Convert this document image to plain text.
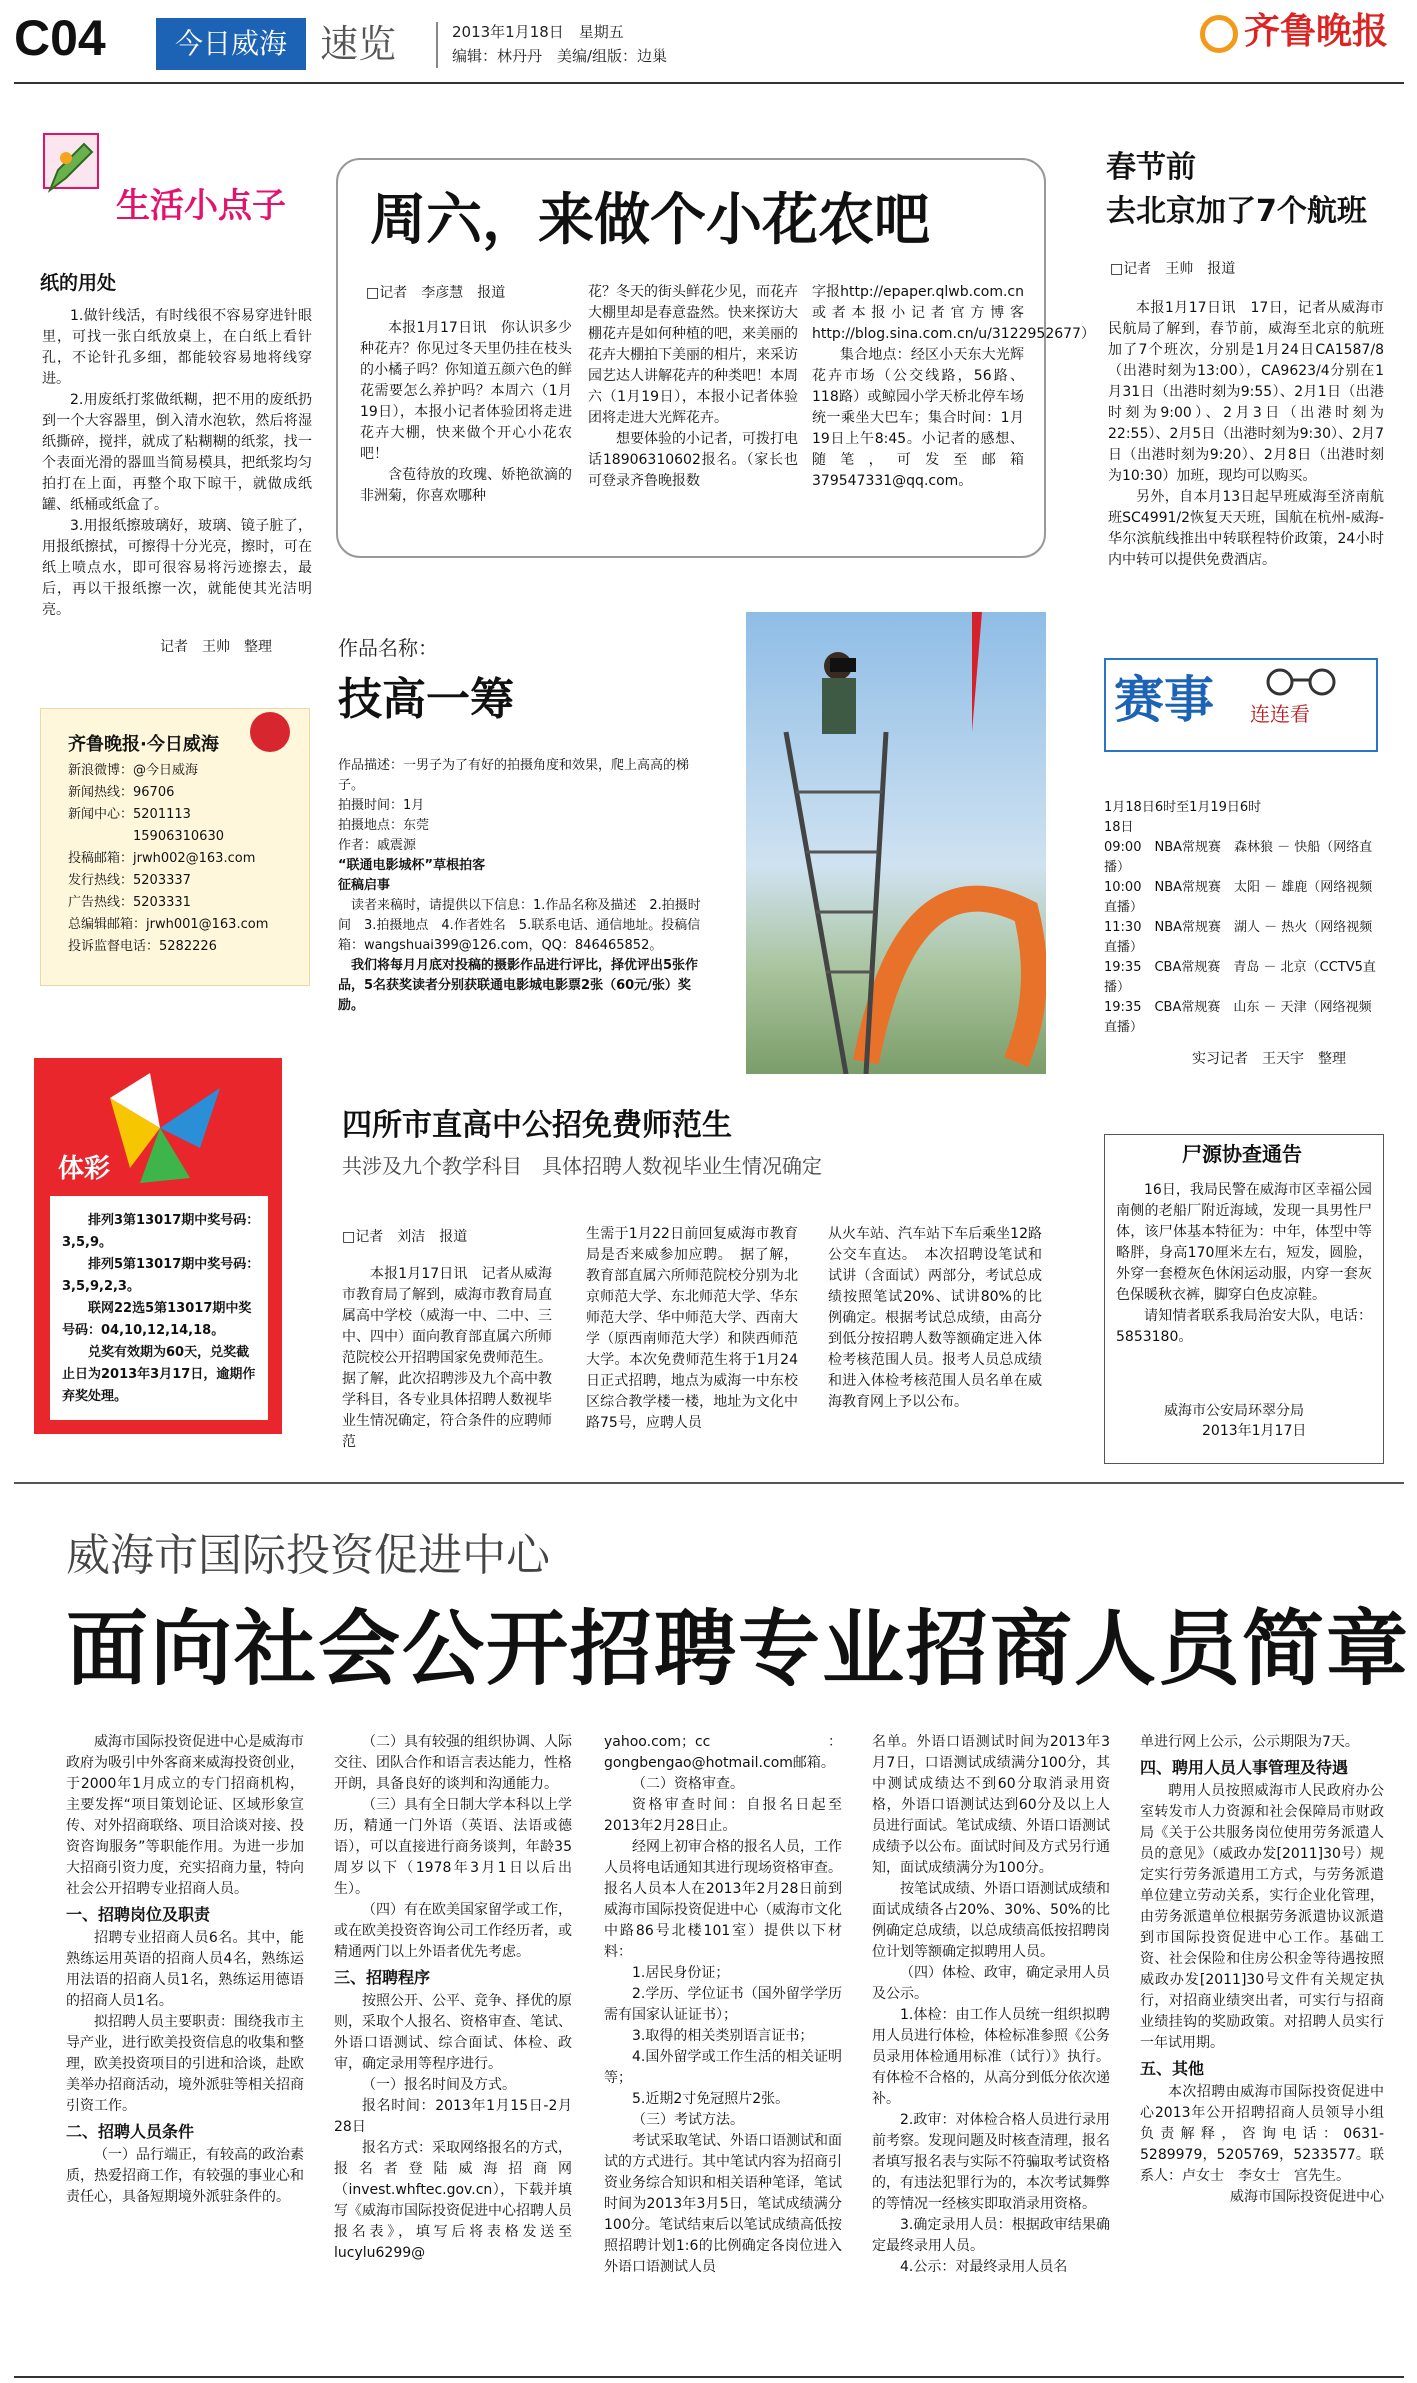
C04	今日威海 速览	2013年1月18日　星期五
编辑：林丹丹　美编/组版：边巢
齐鲁晚报
生活小点子
纸的用处

1.做针线活，有时线很不容易穿进针眼里，可找一张白纸放桌上，在白纸上看针孔，不论针孔多细，都能较容易地将线穿进。

2.用废纸打浆做纸糊，把不用的废纸扔到一个大容器里，倒入清水泡软，然后将湿纸撕碎，搅拌，就成了粘糊糊的纸浆，找一个表面光滑的器皿当简易模具，把纸浆均匀拍打在上面，再整个取下晾干，就做成纸罐、纸桶或纸盒了。

3.用报纸擦玻璃好，玻璃、镜子脏了，用报纸擦拭，可擦得十分光亮，擦时，可在纸上喷点水，即可很容易将污迹擦去，最后，再以干报纸擦一次，就能使其光洁明亮。

记者　王帅　整理
周六，来做个小花农吧
□记者　李彦慧　报道

本报1月17日讯　你认识多少种花卉？你见过冬天里仍挂在枝头的小橘子吗？你知道五颜六色的鲜花需要怎么养护吗？本周六（1月19日），本报小记者体验团将走进花卉大棚，快来做个开心小花农吧！

含苞待放的玫瑰、娇艳欲滴的非洲菊，你喜欢哪种

花？冬天的街头鲜花少见，而花卉大棚里却是春意盎然。快来探访大棚花卉是如何种植的吧，来美丽的花卉大棚拍下美丽的相片，来采访园艺达人讲解花卉的种类吧！本周六（1月19日），本报小记者体验团将走进大光辉花卉。

想要体验的小记者，可拨打电话18906310602报名。（家长也可登录齐鲁晚报数

字报http://epaper.qlwb.com.cn或者本报小记者官方博客http://blog.sina.com.cn/u/3122952677）

集合地点：经区小天东大光辉花卉市场（公交线路，56路、118路）或鲸园小学天桥北停车场统一乘坐大巴车；集合时间：1月19日上午8:45。小记者的感想、随笔，可发至邮箱379547331@qq.com。

春节前
去北京加了7个航班
□记者　王帅　报道

本报1月17日讯　17日，记者从威海市民航局了解到，春节前，威海至北京的航班加了7个班次，分别是1月24日CA1587/8（出港时刻为13:00），CA9623/4分别在1月31日（出港时刻为9:55）、2月1日（出港时刻为9:00）、2月3日（出港时刻为22:55）、2月5日（出港时刻为9:30）、2月7日（出港时刻为9:20）、2月8日（出港时刻为10:30）加班，现均可以购买。

另外，自本月13日起早班威海至济南航班SC4991/2恢复天天班，国航在杭州-威海-华尔滨航线推出中转联程特价政策，24小时内中转可以提供免费酒店。

齐鲁晚报·今日威海
新浪微博：@今日威海
新闻热线：96706
新闻中心：5201113
　　　　　15906310630
投稿邮箱：jrwh002@163.com
发行热线：5203337
广告热线：5203331
总编辑邮箱：jrwh001@163.com
投诉监督电话：5282226
作品名称：
技高一筹
作品描述：一男子为了有好的拍摄角度和效果，爬上高高的梯子。
拍摄时间：1月
拍摄地点：东莞
作者：戚震源
“联通电影城杯”草根拍客
征稿启事
　读者来稿时，请提供以下信息：1.作品名称及描述　2.拍摄时间　3.拍摄地点　4.作者姓名　5.联系电话、通信地址。投稿信箱：wangshuai399@126.com，QQ：846465852。
　我们将每月月底对投稿的摄影作品进行评比，择优评出5张作品，5名获奖读者分别获联通电影城电影票2张（60元/张）奖励。
赛事 连连看
1月18日6时至1月19日6时
18日
09:00　NBA常规赛　森林狼 － 快船（网络直播）
10:00　NBA常规赛　太阳 － 雄鹿（网络视频直播）
11:30　NBA常规赛　湖人 － 热火（网络视频直播）
19:35　CBA常规赛　青岛 － 北京（CCTV5直播）
19:35　CBA常规赛　山东 － 天津（网络视频直播）
实习记者　王天宇　整理
体彩
排列3第13017期中奖号码：3,5,9。
排列5第13017期中奖号码：3,5,9,2,3。
联网22选5第13017期中奖号码：04,10,12,14,18。
兑奖有效期为60天，兑奖截止日为2013年3月17日，逾期作弃奖处理。
四所市直高中公招免费师范生
共涉及九个教学科目　具体招聘人数视毕业生情况确定
□记者　刘洁　报道

本报1月17日讯　记者从威海市教育局了解到，威海市教育局直属高中学校（威海一中、二中、三中、四中）面向教育部直属六所师范院校公开招聘国家免费师范生。据了解，此次招聘涉及九个高中教学科目，各专业具体招聘人数视毕业生情况确定，符合条件的应聘师范

生需于1月22日前回复威海市教育局是否来威参加应聘。　据了解，教育部直属六所师范院校分别为北京师范大学、东北师范大学、华东师范大学、华中师范大学、西南大学（原西南师范大学）和陕西师范大学。本次免费师范生将于1月24日正式招聘，地点为威海一中东校区综合教学楼一楼，地址为文化中路75号，应聘人员

从火车站、汽车站下车后乘坐12路公交车直达。　本次招聘设笔试和试讲（含面试）两部分，考试总成绩按照笔试20%、试讲80%的比例确定。根据考试总成绩，由高分到低分按招聘人数等额确定进入体检考核范围人员。报考人员总成绩和进入体检考核范围人员名单在威海教育网上予以公布。

尸源协查通告

16日，我局民警在威海市区幸福公园南侧的老船厂附近海域，发现一具男性尸体，该尸体基本特征为：中年，体型中等略胖，身高170厘米左右，短发，圆脸，外穿一套橙灰色休闲运动服，内穿一套灰色保暖秋衣裤，脚穿白色皮凉鞋。

请知情者联系我局治安大队，电话：5853180。

威海市公安局环翠分局
2013年1月17日
威海市国际投资促进中心
面向社会公开招聘专业招商人员简章

威海市国际投资促进中心是威海市政府为吸引中外客商来威海投资创业，于2000年1月成立的专门招商机构，主要发挥“项目策划论证、区域形象宣传、对外招商联络、项目洽谈对接、投资咨询服务”等职能作用。为进一步加大招商引资力度，充实招商力量，特向社会公开招聘专业招商人员。

一、招聘岗位及职责

招聘专业招商人员6名。其中，能熟练运用英语的招商人员4名，熟练运用法语的招商人员1名，熟练运用德语的招商人员1名。

拟招聘人员主要职责：围绕我市主导产业，进行欧美投资信息的收集和整理，欧美投资项目的引进和洽谈，赴欧美举办招商活动，境外派驻等相关招商引资工作。

二、招聘人员条件

（一）品行端正，有较高的政治素质，热爱招商工作，有较强的事业心和责任心，具备短期境外派驻条件的。

（二）具有较强的组织协调、人际交往、团队合作和语言表达能力，性格开朗，具备良好的谈判和沟通能力。

（三）具有全日制大学本科以上学历，精通一门外语（英语、法语或德语），可以直接进行商务谈判，年龄35周岁以下（1978年3月1日以后出生）。

（四）有在欧美国家留学或工作，或在欧美投资咨询公司工作经历者，或精通两门以上外语者优先考虑。

三、招聘程序

按照公开、公平、竞争、择优的原则，采取个人报名、资格审查、笔试、外语口语测试、综合面试、体检、政审，确定录用等程序进行。

（一）报名时间及方式。

报名时间：2013年1月15日-2月28日

报名方式：采取网络报名的方式，报名者登陆威海招商网（invest.whftec.gov.cn），下载并填写《威海市国际投资促进中心招聘人员报名表》，填写后将表格发送至lucylu6299@

yahoo.com；cc：gongbengao@hotmail.com邮箱。

（二）资格审查。

资格审查时间：自报名日起至2013年2月28日止。

经网上初审合格的报名人员，工作人员将电话通知其进行现场资格审查。报名人员本人在2013年2月28日前到威海市国际投资促进中心（威海市文化中路86号北楼101室）提供以下材料：

1.居民身份证；

2.学历、学位证书（国外留学学历需有国家认证证书）；

3.取得的相关类别语言证书；

4.国外留学或工作生活的相关证明等；

5.近期2寸免冠照片2张。

（三）考试方法。

考试采取笔试、外语口语测试和面试的方式进行。其中笔试内容为招商引资业务综合知识和相关语种笔译，笔试时间为2013年3月5日，笔试成绩满分100分。笔试结束后以笔试成绩高低按照招聘计划1:6的比例确定各岗位进入外语口语测试人员

名单。外语口语测试时间为2013年3月7日，口语测试成绩满分100分，其中测试成绩达不到60分取消录用资格，外语口语测试达到60分及以上人员进行面试。笔试成绩、外语口语测试成绩予以公布。面试时间及方式另行通知，面试成绩满分为100分。

按笔试成绩、外语口语测试成绩和面试成绩各占20%、30%、50%的比例确定总成绩，以总成绩高低按招聘岗位计划等额确定拟聘用人员。

（四）体检、政审，确定录用人员及公示。

1.体检：由工作人员统一组织拟聘用人员进行体检，体检标准参照《公务员录用体检通用标准（试行）》执行。有体检不合格的，从高分到低分依次递补。

2.政审：对体检合格人员进行录用前考察。发现问题及时核查清理，报名者填写报名表与实际不符骗取考试资格的，有违法犯罪行为的，本次考试舞弊的等情况一经核实即取消录用资格。

3.确定录用人员：根据政审结果确定最终录用人员。

4.公示：对最终录用人员名

单进行网上公示，公示期限为7天。

四、聘用人员人事管理及待遇

聘用人员按照威海市人民政府办公室转发市人力资源和社会保障局市财政局《关于公共服务岗位使用劳务派遣人员的意见》（威政办发[2011]30号）规定实行劳务派遣用工方式，与劳务派遣单位建立劳动关系，实行企业化管理，由劳务派遣单位根据劳务派遣协议派遣到市国际投资促进中心工作。基础工资、社会保险和住房公积金等待遇按照威政办发[2011]30号文件有关规定执行，对招商业绩突出者，可实行与招商业绩挂钩的奖励政策。对招聘人员实行一年试用期。

五、其他

本次招聘由威海市国际投资促进中心2013年公开招聘招商人员领导小组负责解释，咨询电话：0631-5289979，5205769，5233577。联系人：卢女士　李女士　宫先生。

威海市国际投资促进中心
